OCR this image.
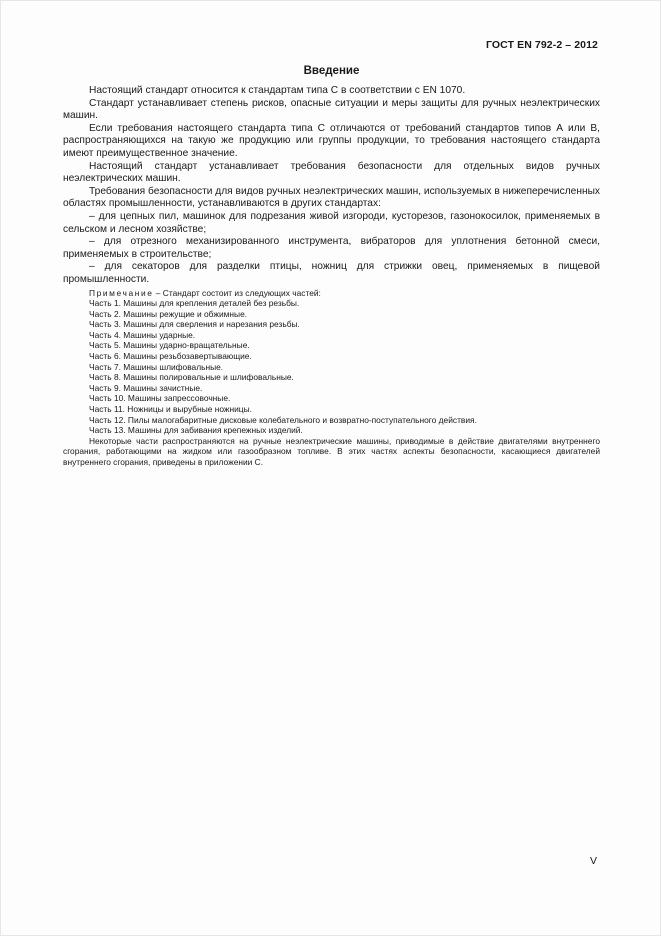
ГОСТ EN 792-2 – 2012
Введение

Настоящий стандарт относится к стандартам типа С в соответствии с EN 1070.

Стандарт устанавливает степень рисков, опасные ситуации и меры защиты для ручных неэлектрических машин.

Если требования настоящего стандарта типа С отличаются от требований стандартов типов А или В, распространяющихся на такую же продукцию или группы продукции, то требования настоящего стандарта имеют преимущественное значение.

Настоящий стандарт устанавливает требования безопасности для отдельных видов ручных неэлектрических машин.

Требования безопасности для видов ручных неэлектрических машин, используемых в нижеперечисленных областях промышленности, устанавливаются в других стандартах:

– для цепных пил, машинок для подрезания живой изгороди, кусторезов, газонокосилок, применяемых в сельском и лесном хозяйстве;

– для отрезного механизированного инструмента, вибраторов для уплотнения бетонной смеси, применяемых в строительстве;

– для секаторов для разделки птицы, ножниц для стрижки овец, применяемых в пищевой промышленности.

Примечание – Стандарт состоит из следующих частей:

Часть 1. Машины для крепления деталей без резьбы.

Часть 2. Машины режущие и обжимные.

Часть 3. Машины для сверления и нарезания резьбы.

Часть 4. Машины ударные.

Часть 5. Машины ударно-вращательные.

Часть 6. Машины резьбозавертывающие.

Часть 7. Машины шлифовальные.

Часть 8. Машины полировальные и шлифовальные.

Часть 9. Машины зачистные.

Часть 10. Машины запрессовочные.

Часть 11. Ножницы и вырубные ножницы.

Часть 12. Пилы малогабаритные дисковые колебательного и возвратно-поступательного действия.

Часть 13. Машины для забивания крепежных изделий.

Некоторые части распространяются на ручные неэлектрические машины, приводимые в действие двигателями внутреннего сгорания, работающими на жидком или газообразном топливе. В этих частях аспекты безопасности, касающиеся двигателей внутреннего сгорания, приведены в приложении С.

V
